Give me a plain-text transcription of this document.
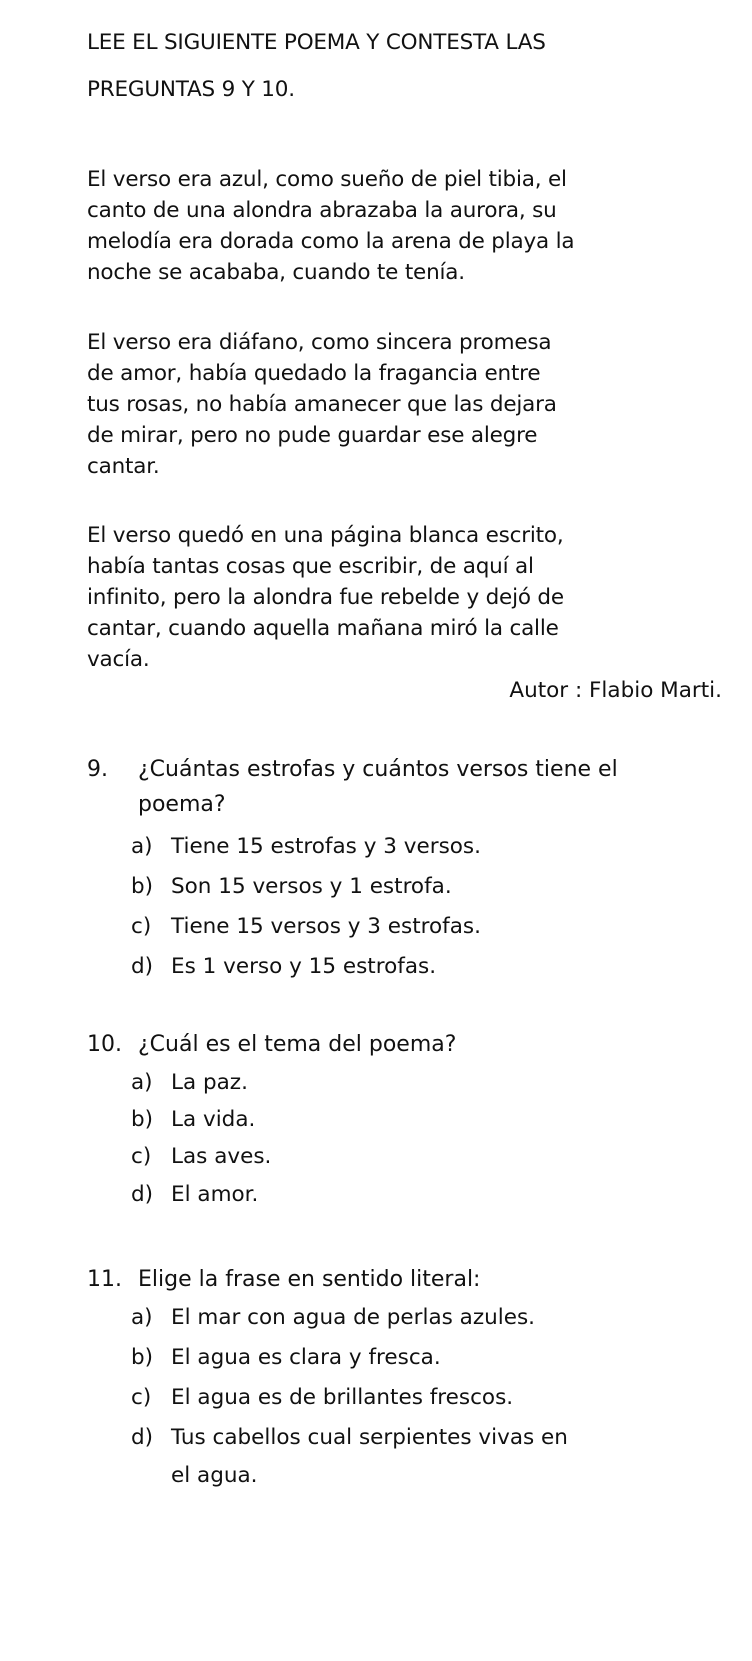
LEE EL SIGUIENTE POEMA Y CONTESTA LAS
PREGUNTAS 9 Y 10.
El verso era azul, como sueño de piel tibia, el
canto de una alondra abrazaba la aurora, su
melodía era dorada como la arena de playa la
noche se acababa, cuando te tenía.
El verso era diáfano, como sincera promesa
de amor, había quedado la fragancia entre
tus rosas, no había amanecer que las dejara
de mirar, pero no pude guardar ese alegre
cantar.
El verso quedó en una página blanca escrito,
había tantas cosas que escribir, de aquí al
infinito, pero la alondra fue rebelde y dejó de
cantar, cuando aquella mañana miró la calle
vacía.
Autor : Flabio Marti.
9. ¿Cuántas estrofas y cuántos versos tiene el
poema?
a) Tiene 15 estrofas y 3 versos.
b) Son 15 versos y 1 estrofa.
c) Tiene 15 versos y 3 estrofas.
d) Es 1 verso y 15 estrofas.
10. ¿Cuál es el tema del poema?
a) La paz.
b) La vida.
c) Las aves.
d) El amor.
11. Elige la frase en sentido literal:
a) El mar con agua de perlas azules.
b) El agua es clara y fresca.
c) El agua es de brillantes frescos.
d) Tus cabellos cual serpientes vivas en
el agua.
